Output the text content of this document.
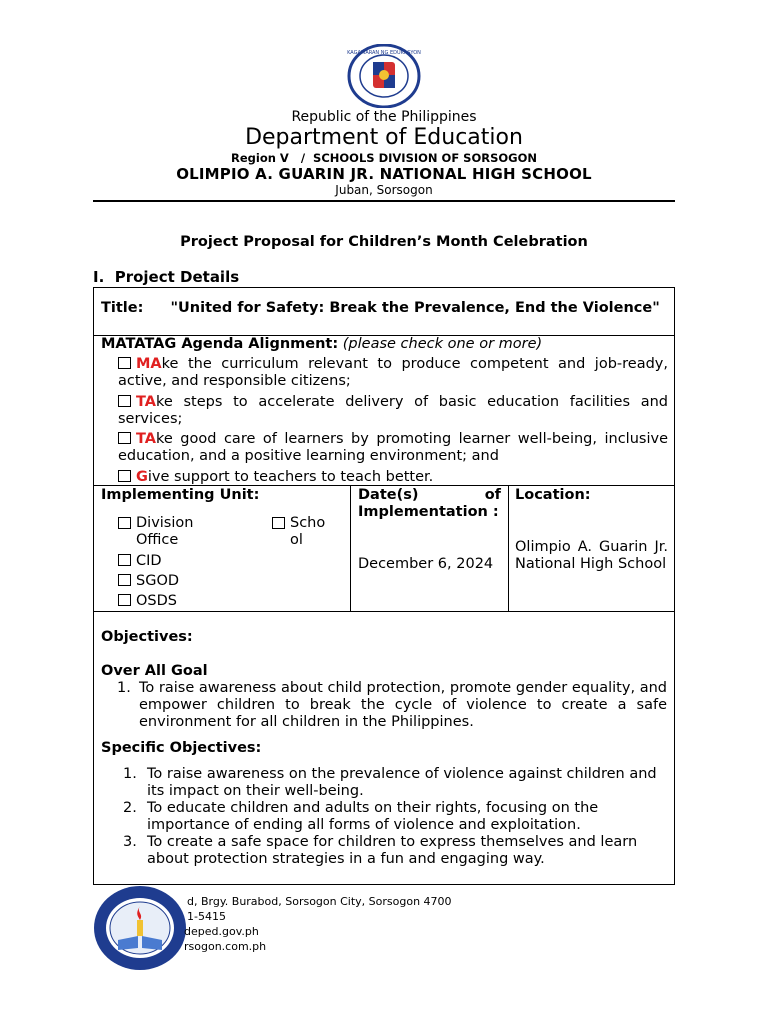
KAGAWARAN NG EDUKASYON
Republic of the Philippines
Department of Education
Region V   /  SCHOOLS DIVISION OF SORSOGON
OLIMPIO A. GUARIN JR. NATIONAL HIGH SCHOOL
Juban, Sorsogon
Project Proposal for Children’s Month Celebration
I.  Project Details
Title: "United for Safety: Break the Prevalence, End the Violence"
MATATAG Agenda Alignment: (please check one or more)
MAke the curriculum relevant to produce competent and job-ready, active, and responsible citizens;
TAke steps to accelerate delivery of basic education facilities and services;
TAke good care of learners by promoting learner well-being, inclusive education, and a positive learning environment; and
Give support to teachers to teach better.
Implementing Unit:
Division Office
School
CID
SGOD
OSDS
Date(s) of Implementation :
December 6, 2024
Location:
Olimpio A. Guarin Jr. National High School
Objectives:
Over All Goal
1. To raise awareness about child protection, promote gender equality, and empower children to break the cycle of violence to create a safe environment for all children in the Philippines.
Specific Objectives:
1. To raise awareness on the prevalence of violence against children and its impact on their well-being.
2. To educate children and adults on their rights, focusing on the importance of ending all forms of violence and exploitation.
3. To create a safe space for children to express themselves and learn about protection strategies in a fun and engaging way.
d, Brgy. Burabod, Sorsogon City, Sorsogon 4700
1-5415
deped.gov.ph
rsogon.com.ph
